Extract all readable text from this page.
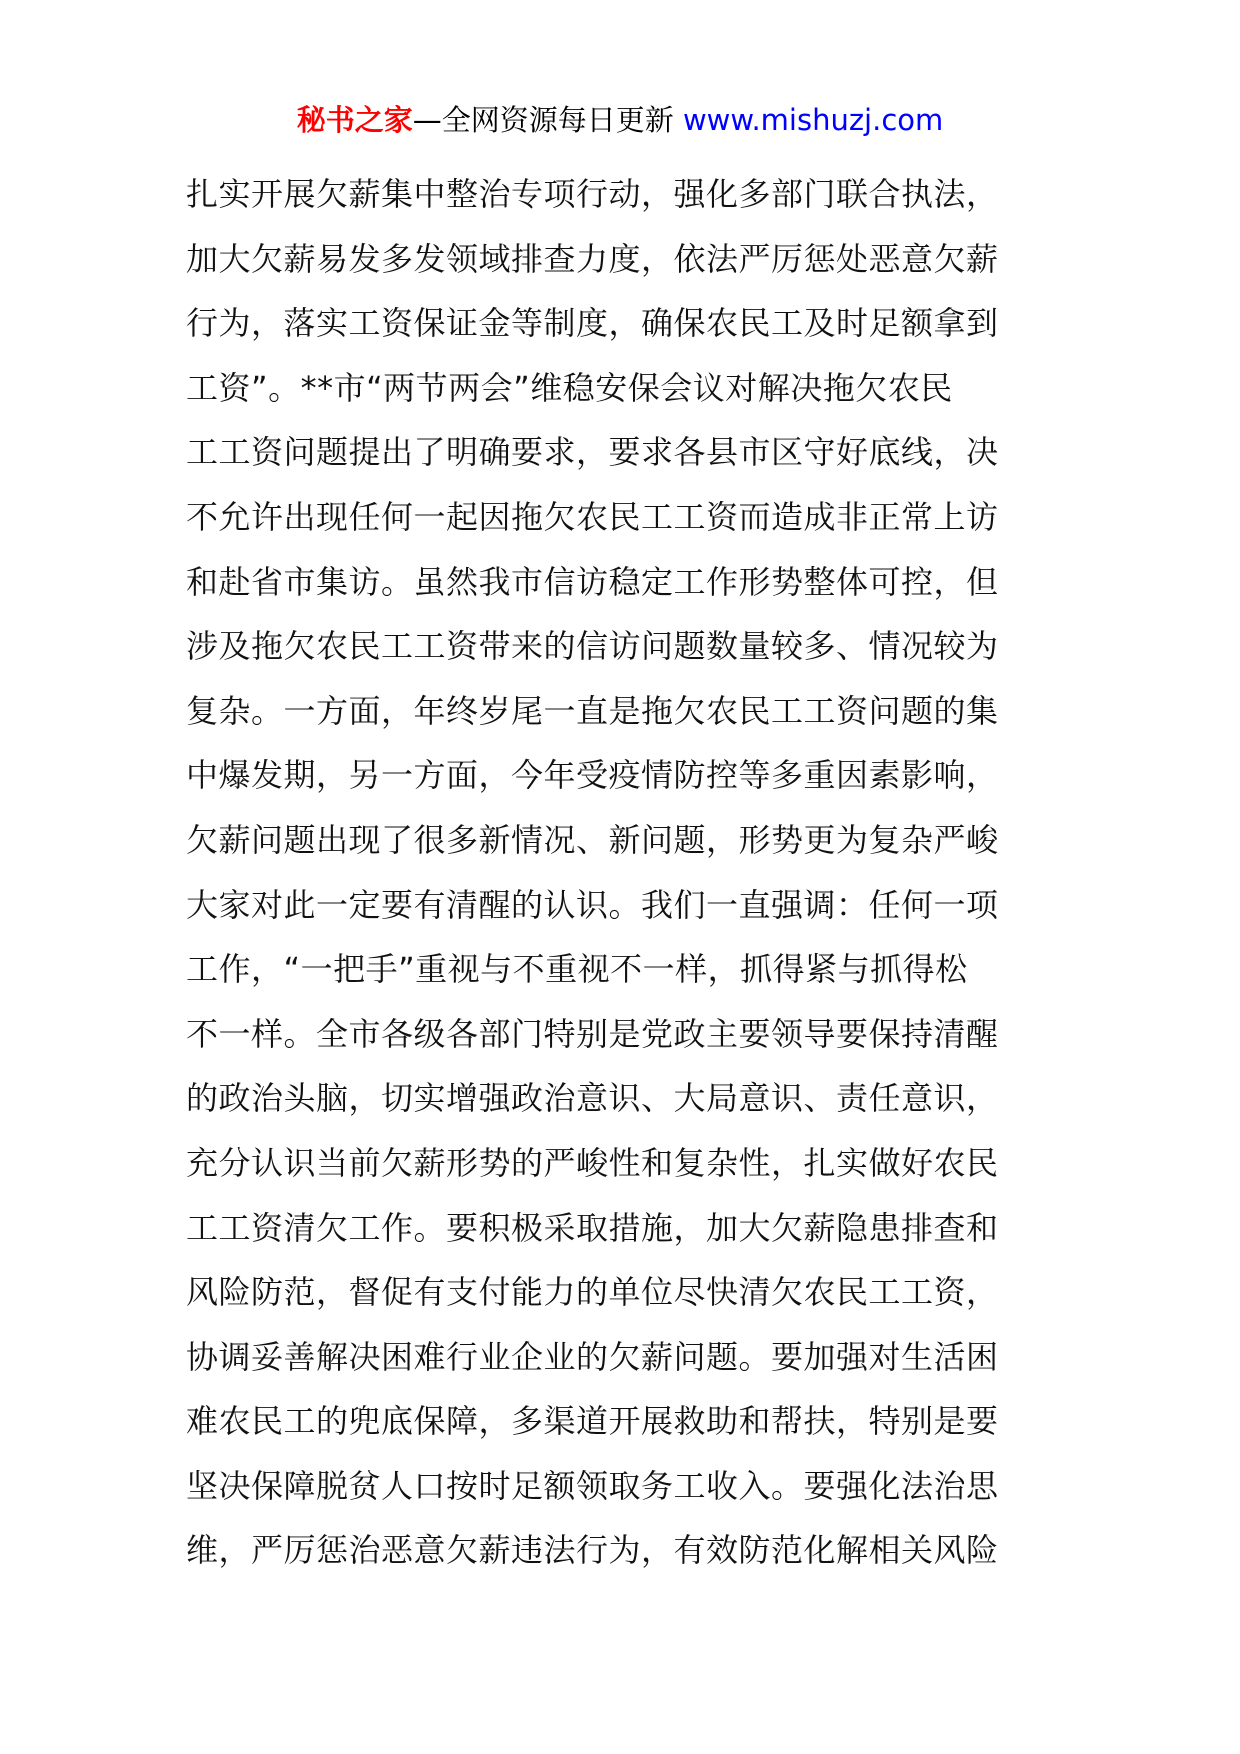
秘书之家—全网资源每日更新 www.mishuzj.com
扎实开展欠薪集中整治专项行动，强化多部门联合执法，
加大欠薪易发多发领域排查力度，依法严厉惩处恶意欠薪
行为，落实工资保证金等制度，确保农民工及时足额拿到
工资”。**市“两节两会”维稳安保会议对解决拖欠农民
工工资问题提出了明确要求，要求各县市区守好底线，决
不允许出现任何一起因拖欠农民工工资而造成非正常上访
和赴省市集访。虽然我市信访稳定工作形势整体可控，但
涉及拖欠农民工工资带来的信访问题数量较多、情况较为
复杂。一方面，年终岁尾一直是拖欠农民工工资问题的集
中爆发期，另一方面，今年受疫情防控等多重因素影响，
欠薪问题出现了很多新情况、新问题，形势更为复杂严峻
大家对此一定要有清醒的认识。我们一直强调：任何一项
工作，“一把手”重视与不重视不一样，抓得紧与抓得松
不一样。全市各级各部门特别是党政主要领导要保持清醒
的政治头脑，切实增强政治意识、大局意识、责任意识，
充分认识当前欠薪形势的严峻性和复杂性，扎实做好农民
工工资清欠工作。要积极采取措施，加大欠薪隐患排查和
风险防范，督促有支付能力的单位尽快清欠农民工工资，
协调妥善解决困难行业企业的欠薪问题。要加强对生活困
难农民工的兜底保障，多渠道开展救助和帮扶，特别是要
坚决保障脱贫人口按时足额领取务工收入。要强化法治思
维，严厉惩治恶意欠薪违法行为，有效防范化解相关风险
